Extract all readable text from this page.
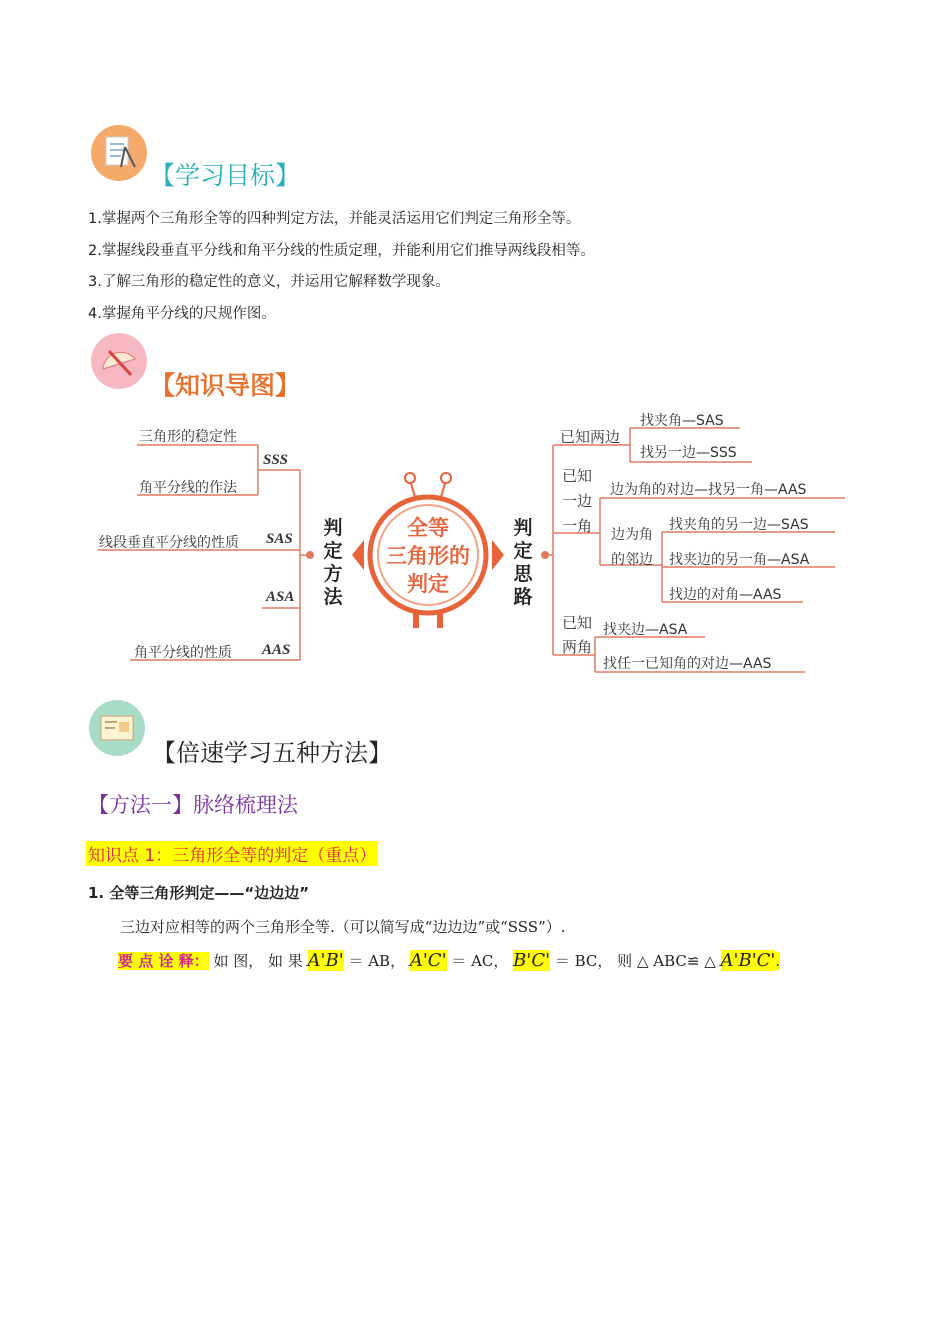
【学习目标】
1.掌握两个三角形全等的四种判定方法，并能灵活运用它们判定三角形全等。
2.掌握线段垂直平分线和角平分线的性质定理，并能利用它们推导两线段相等。
3.了解三角形的稳定性的意义，并运用它解释数学现象。
4.掌握角平分线的尺规作图。
【知识导图】
全等
三角形的
判定
判
定
方
法
判
定
思
路
三角形的稳定性
SSS
角平分线的作法
线段垂直平分线的性质 SAS
ASA
角平分线的性质 AAS
已知两边
找夹角—SAS
找另一边—SSS
已知
一边
一角
边为角的对边—找另一角—AAS
边为角
的邻边
找夹角的另一边—SAS
找夹边的另一角—ASA
找边的对角—AAS
已知
两角
找夹边—ASA
找任一已知角的对边—AAS
【倍速学习五种方法】
【方法一】脉络梳理法
知识点 1：三角形全等的判定（重点）
1. 全等三角形判定——“边边边”
三边对应相等的两个三角形全等.（可以简写成“边边边”或“SSS”）.
要 点 诠 释： 如 图， 如 果 A'B' ＝ AB， A'C' ＝ AC， B'C' ＝ BC， 则 △ ABC≌ △ A'B'C'.
